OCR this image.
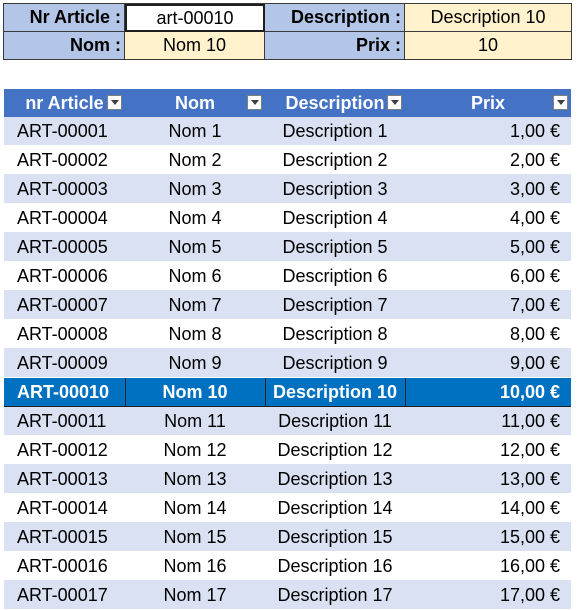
Nr Article :	art-00010	Description :	Description 10
Nom :	Nom 10	Prix :	10
nr Article	Nom	Description	Prix

ART-00001	Nom 1	Description 1	1,00 €
ART-00002	Nom 2	Description 2	2,00 €
ART-00003	Nom 3	Description 3	3,00 €
ART-00004	Nom 4	Description 4	4,00 €
ART-00005	Nom 5	Description 5	5,00 €
ART-00006	Nom 6	Description 6	6,00 €
ART-00007	Nom 7	Description 7	7,00 €
ART-00008	Nom 8	Description 8	8,00 €
ART-00009	Nom 9	Description 9	9,00 €
ART-00010	Nom 10	Description 10	10,00 €
ART-00011	Nom 11	Description 11	11,00 €
ART-00012	Nom 12	Description 12	12,00 €
ART-00013	Nom 13	Description 13	13,00 €
ART-00014	Nom 14	Description 14	14,00 €
ART-00015	Nom 15	Description 15	15,00 €
ART-00016	Nom 16	Description 16	16,00 €
ART-00017	Nom 17	Description 17	17,00 €
